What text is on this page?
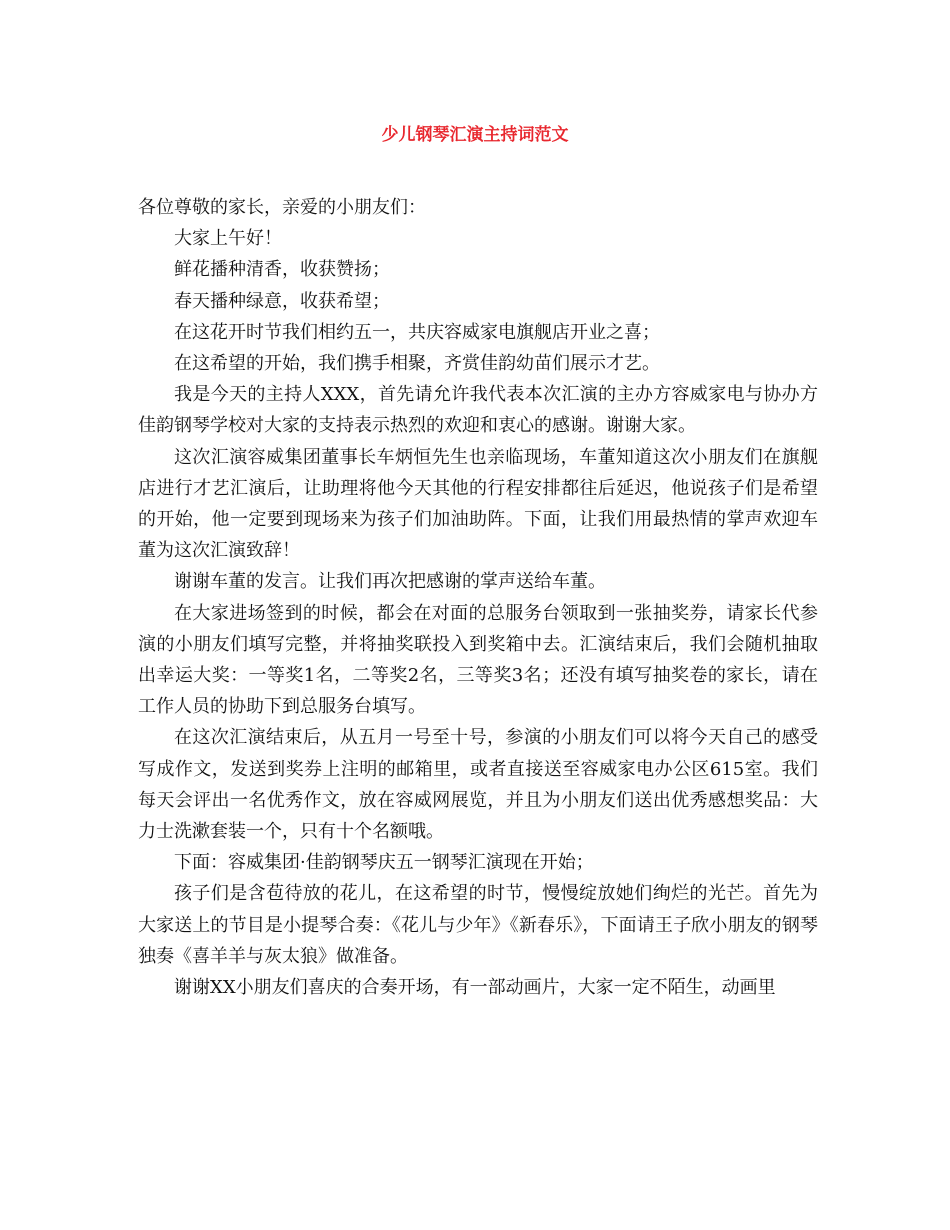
少儿钢琴汇演主持词范文

各位尊敬的家长，亲爱的小朋友们：

大家上午好！

鲜花播种清香，收获赞扬；

春天播种绿意，收获希望；

在这花开时节我们相约五一，共庆容威家电旗舰店开业之喜；

在这希望的开始，我们携手相聚，齐赏佳韵幼苗们展示才艺。

我是今天的主持人XXX，首先请允许我代表本次汇演的主办方容威家电与协办方佳韵钢琴学校对大家的支持表示热烈的欢迎和衷心的感谢。谢谢大家。

这次汇演容威集团董事长车炳恒先生也亲临现场，车董知道这次小朋友们在旗舰店进行才艺汇演后，让助理将他今天其他的行程安排都往后延迟，他说孩子们是希望的开始，他一定要到现场来为孩子们加油助阵。下面，让我们用最热情的掌声欢迎车董为这次汇演致辞！

谢谢车董的发言。让我们再次把感谢的掌声送给车董。

在大家进场签到的时候，都会在对面的总服务台领取到一张抽奖券，请家长代参演的小朋友们填写完整，并将抽奖联投入到奖箱中去。汇演结束后，我们会随机抽取出幸运大奖：一等奖1名，二等奖2名，三等奖3名；还没有填写抽奖卷的家长，请在工作人员的协助下到总服务台填写。

在这次汇演结束后，从五月一号至十号，参演的小朋友们可以将今天自己的感受写成作文，发送到奖券上注明的邮箱里，或者直接送至容威家电办公区615室。我们每天会评出一名优秀作文，放在容威网展览，并且为小朋友们送出优秀感想奖品：大力士洗漱套装一个，只有十个名额哦。

下面：容威集团·佳韵钢琴庆五一钢琴汇演现在开始；

孩子们是含苞待放的花儿，在这希望的时节，慢慢绽放她们绚烂的光芒。首先为大家送上的节目是小提琴合奏：《花儿与少年》《新春乐》，下面请王子欣小朋友的钢琴独奏《喜羊羊与灰太狼》做准备。

谢谢XX小朋友们喜庆的合奏开场，有一部动画片，大家一定不陌生，动画里
